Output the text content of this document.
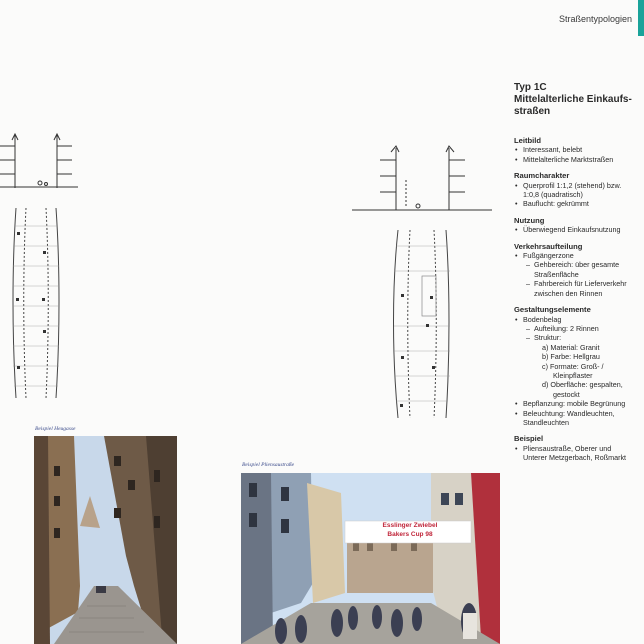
Straßentypologien
Typ 1C
Mittelalterliche Einkaufs-
straßen
Leitbild
• Interessant, belebt
• Mittelalterliche Marktstraßen
Raumcharakter
• Querprofil 1:1,2 (stehend) bzw.
1:0,8 (quadratisch)
• Bauflucht: gekrümmt
Nutzung
• Überwiegend Einkaufsnutzung
Verkehrsaufteilung
• Fußgängerzone
– Gehbereich: über gesamte
Straßenfläche
– Fahrbereich für Lieferverkehr
zwischen den Rinnen
Gestaltungselemente
• Bodenbelag
– Aufteilung: 2 Rinnen
– Struktur:
a) Material: Granit
b) Farbe: Hellgrau
c) Formate: Groß- /
Kleinpflaster
d) Oberfläche: gespalten,
gestockt
• Bepflanzung: mobile Begrünung
• Beleuchtung: Wandleuchten,
Standleuchten
Beispiel
• Pliensaustraße, Oberer und
Unterer Metzgerbach, Roßmarkt
Beispiel Heugasse
Beispiel Pliensaustraße
Esslinger Zwiebel
Bakers Cup 98
